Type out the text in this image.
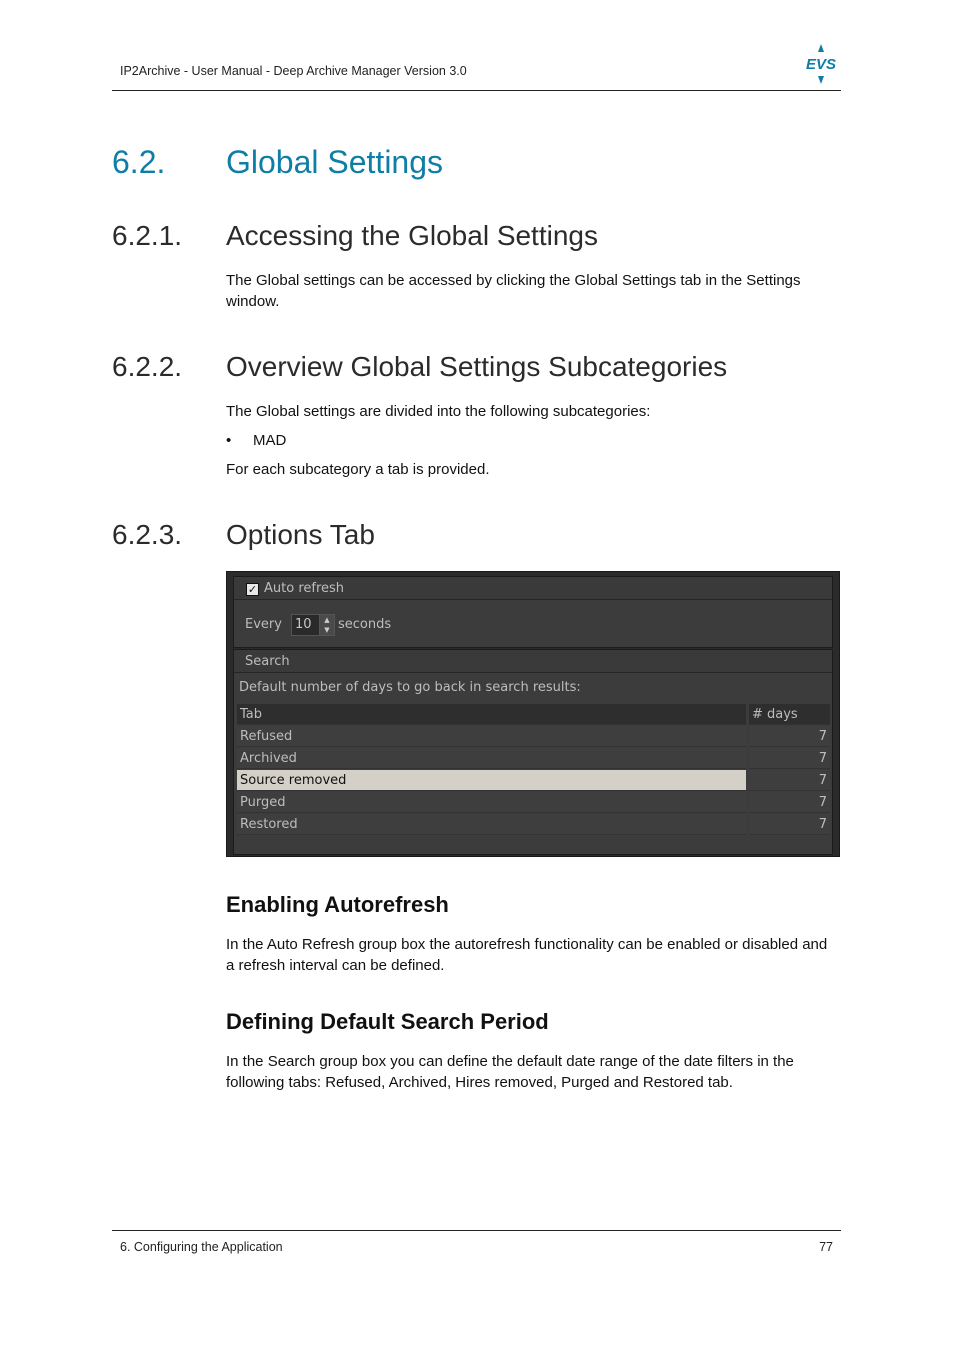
IP2Archive - User Manual - Deep Archive Manager Version 3.0	EVS
6.2. Global Settings
6.2.1. Accessing the Global Settings
The Global settings can be accessed by clicking the Global Settings tab in the Settings
window.
6.2.2. Overview Global Settings Subcategories
The Global settings are divided into the following subcategories:
• MAD
For each subcategory a tab is provided.
6.2.3. Options Tab
✓ Auto refresh
Every 10	▲
▼ seconds
Search
Default number of days to go back in search results:
Tab	# days
Refused	7
Archived	7
Source removed	7
Purged	7
Restored	7
Enabling Autorefresh
In the Auto Refresh group box the autorefresh functionality can be enabled or disabled and
a refresh interval can be defined.
Defining Default Search Period
In the Search group box you can define the default date range of the date filters in the
following tabs: Refused, Archived, Hires removed, Purged and Restored tab.
6. Configuring the Application	77
